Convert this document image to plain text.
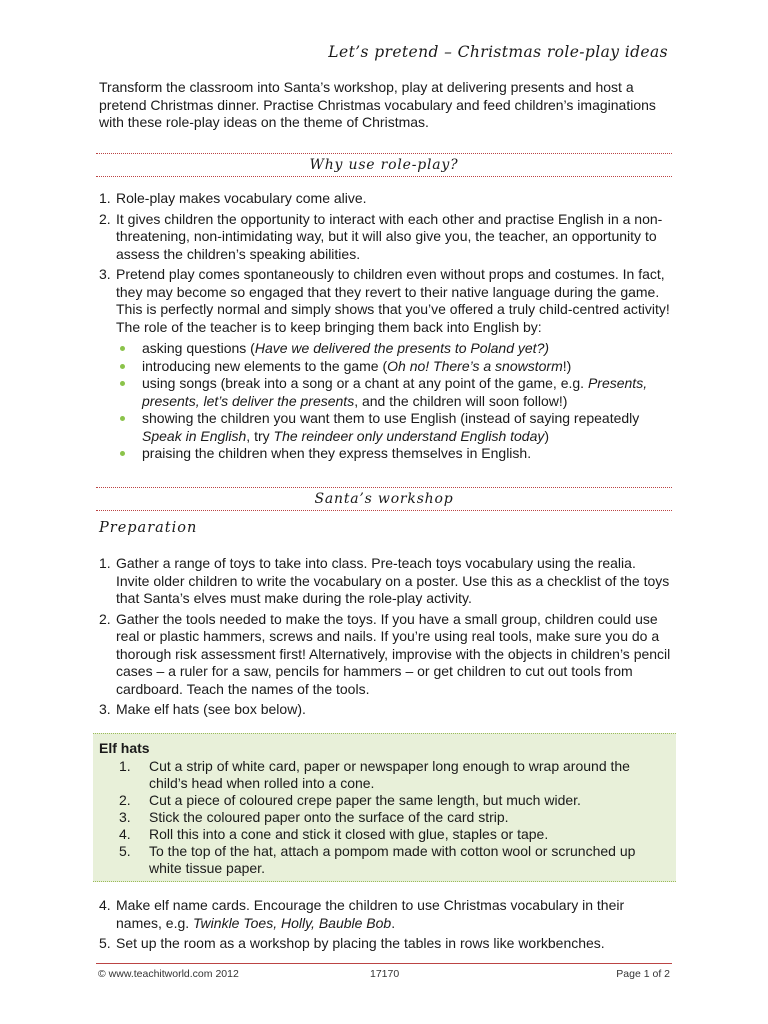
Let’s pretend – Christmas role-play ideas
Transform the classroom into Santa’s workshop, play at delivering presents and host a pretend Christmas dinner. Practise Christmas vocabulary and feed children’s imaginations with these role-play ideas on the theme of Christmas.
Why use role-play?
1. Role-play makes vocabulary come alive.
2. It gives children the opportunity to interact with each other and practise English in a non-threatening, non-intimidating way, but it will also give you, the teacher, an opportunity to assess the children’s speaking abilities.
3. Pretend play comes spontaneously to children even without props and costumes. In fact, they may become so engaged that they revert to their native language during the game. This is perfectly normal and simply shows that you’ve offered a truly child-centred activity! The role of the teacher is to keep bringing them back into English by:
asking questions (Have we delivered the presents to Poland yet?)
introducing new elements to the game (Oh no! There’s a snowstorm!)
using songs (break into a song or a chant at any point of the game, e.g. Presents, presents, let’s deliver the presents, and the children will soon follow!)
showing the children you want them to use English (instead of saying repeatedly Speak in English, try The reindeer only understand English today)
praising the children when they express themselves in English.
Santa’s workshop
Preparation
1. Gather a range of toys to take into class. Pre-teach toys vocabulary using the realia. Invite older children to write the vocabulary on a poster. Use this as a checklist of the toys that Santa’s elves must make during the role-play activity.
2. Gather the tools needed to make the toys. If you have a small group, children could use real or plastic hammers, screws and nails. If you’re using real tools, make sure you do a thorough risk assessment first! Alternatively, improvise with the objects in children’s pencil cases – a ruler for a saw, pencils for hammers – or get children to cut out tools from cardboard. Teach the names of the tools.
3. Make elf hats (see box below).
Elf hats
1. Cut a strip of white card, paper or newspaper long enough to wrap around the child’s head when rolled into a cone.
2. Cut a piece of coloured crepe paper the same length, but much wider.
3. Stick the coloured paper onto the surface of the card strip.
4. Roll this into a cone and stick it closed with glue, staples or tape.
5. To the top of the hat, attach a pompom made with cotton wool or scrunched up white tissue paper.
4. Make elf name cards. Encourage the children to use Christmas vocabulary in their names, e.g. Twinkle Toes, Holly, Bauble Bob.
5. Set up the room as a workshop by placing the tables in rows like workbenches.
© www.teachitworld.com 2012	17170	Page 1 of 2
